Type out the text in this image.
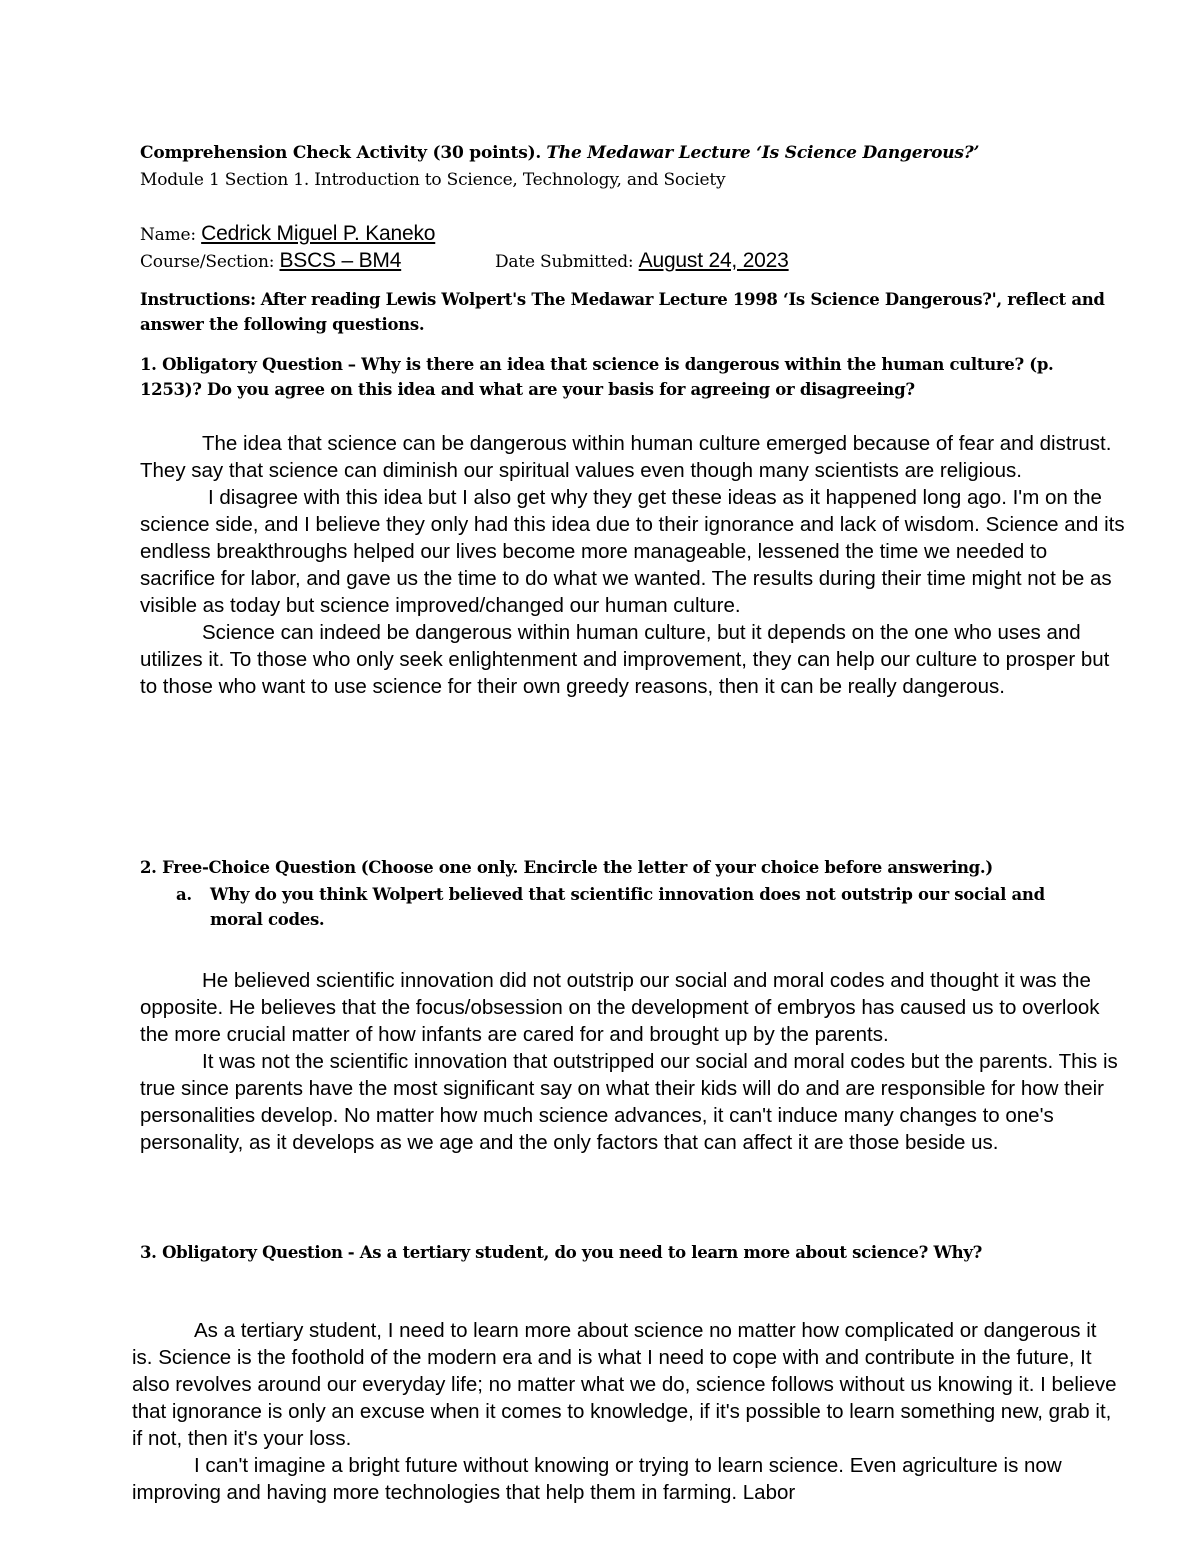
Comprehension Check Activity (30 points). The Medawar Lecture ‘Is Science Dangerous?’
Module 1 Section 1. Introduction to Science, Technology, and Society
Name: Cedrick Miguel P. Kaneko
Course/Section: BSCS – BM4	Date Submitted: August 24, 2023
Instructions: After reading Lewis Wolpert's The Medawar Lecture 1998 ‘Is Science Dangerous?', reflect and answer the following questions.
1. Obligatory Question – Why is there an idea that science is dangerous within the human culture? (p. 1253)? Do you agree on this idea and what are your basis for agreeing or disagreeing?

The idea that science can be dangerous within human culture emerged because of fear and distrust. They say that science can diminish our spiritual values even though many scientists are religious.

I disagree with this idea but I also get why they get these ideas as it happened long ago. I'm on the science side, and I believe they only had this idea due to their ignorance and lack of wisdom. Science and its endless breakthroughs helped our lives become more manageable, lessened the time we needed to sacrifice for labor, and gave us the time to do what we wanted. The results during their time might not be as visible as today but science improved/changed our human culture.

Science can indeed be dangerous within human culture, but it depends on the one who uses and utilizes it. To those who only seek enlightenment and improvement, they can help our culture to prosper but to those who want to use science for their own greedy reasons, then it can be really dangerous.

2. Free-Choice Question (Choose one only. Encircle the letter of your choice before answering.)
a. Why do you think Wolpert believed that scientific innovation does not outstrip our social and moral codes.

He believed scientific innovation did not outstrip our social and moral codes and thought it was the opposite. He believes that the focus/obsession on the development of embryos has caused us to overlook the more crucial matter of how infants are cared for and brought up by the parents.

It was not the scientific innovation that outstripped our social and moral codes but the parents. This is true since parents have the most significant say on what their kids will do and are responsible for how their personalities develop. No matter how much science advances, it can't induce many changes to one's personality, as it develops as we age and the only factors that can affect it are those beside us.

3. Obligatory Question - As a tertiary student, do you need to learn more about science? Why?

As a tertiary student, I need to learn more about science no matter how complicated or dangerous it is. Science is the foothold of the modern era and is what I need to cope with and contribute in the future, It also revolves around our everyday life; no matter what we do, science follows without us knowing it. I believe that ignorance is only an excuse when it comes to knowledge, if it's possible to learn something new, grab it, if not, then it's your loss.

I can't imagine a bright future without knowing or trying to learn science. Even agriculture is now improving and having more technologies that help them in farming. Labor
